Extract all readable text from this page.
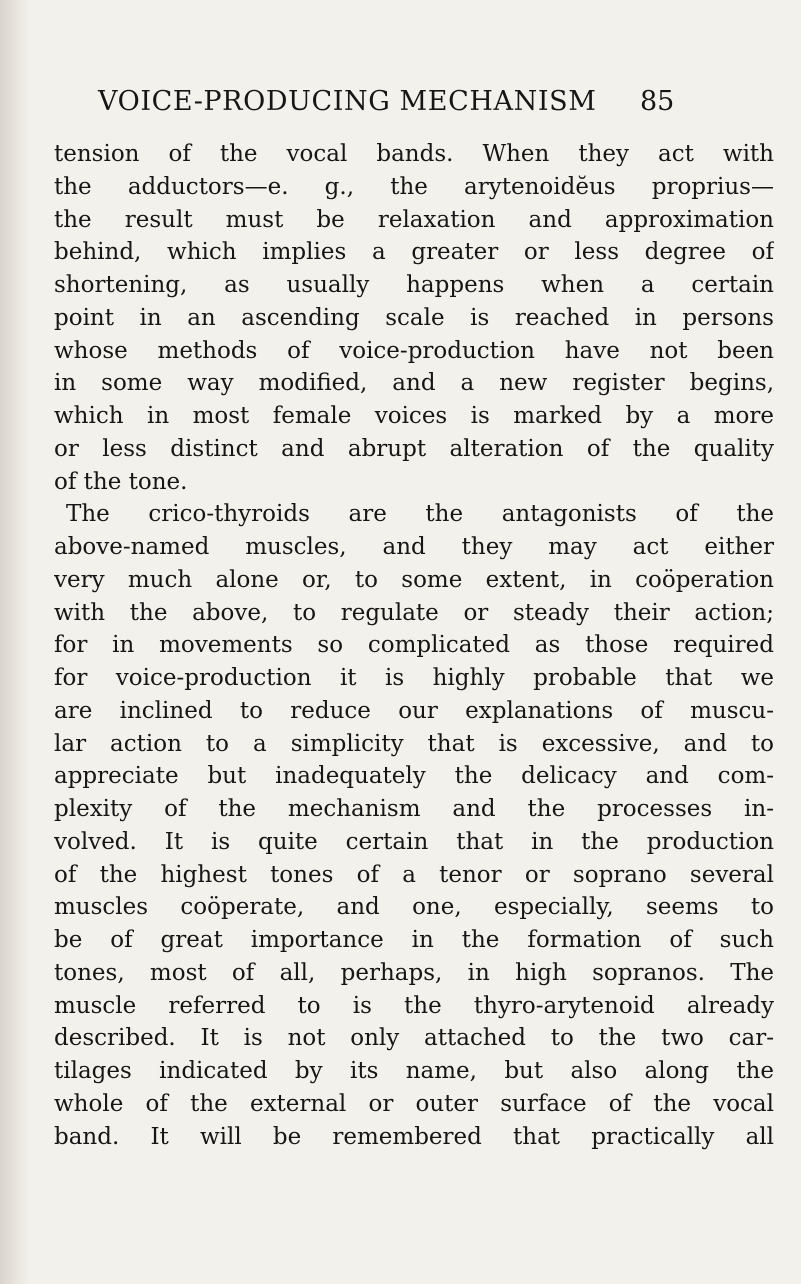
VOICE-PRODUCING MECHANISM 85
tension of the vocal bands. When they act with
the adductors—e. g., the arytenoidĕus proprius—
the result must be relaxation and approximation
behind, which implies a greater or less degree of
shortening, as usually happens when a certain
point in an ascending scale is reached in persons
whose methods of voice-production have not been
in some way modified, and a new register begins,
which in most female voices is marked by a more
or less distinct and abrupt alteration of the quality
of the tone.
The crico-thyroids are the antagonists of the
above-named muscles, and they may act either
very much alone or, to some extent, in coöperation
with the above, to regulate or steady their action;
for in movements so complicated as those required
for voice-production it is highly probable that we
are inclined to reduce our explanations of muscu-
lar action to a simplicity that is excessive, and to
appreciate but inadequately the delicacy and com-
plexity of the mechanism and the processes in-
volved. It is quite certain that in the production
of the highest tones of a tenor or soprano several
muscles coöperate, and one, especially, seems to
be of great importance in the formation of such
tones, most of all, perhaps, in high sopranos. The
muscle referred to is the thyro-arytenoid already
described. It is not only attached to the two car-
tilages indicated by its name, but also along the
whole of the external or outer surface of the vocal
band. It will be remembered that practically all
